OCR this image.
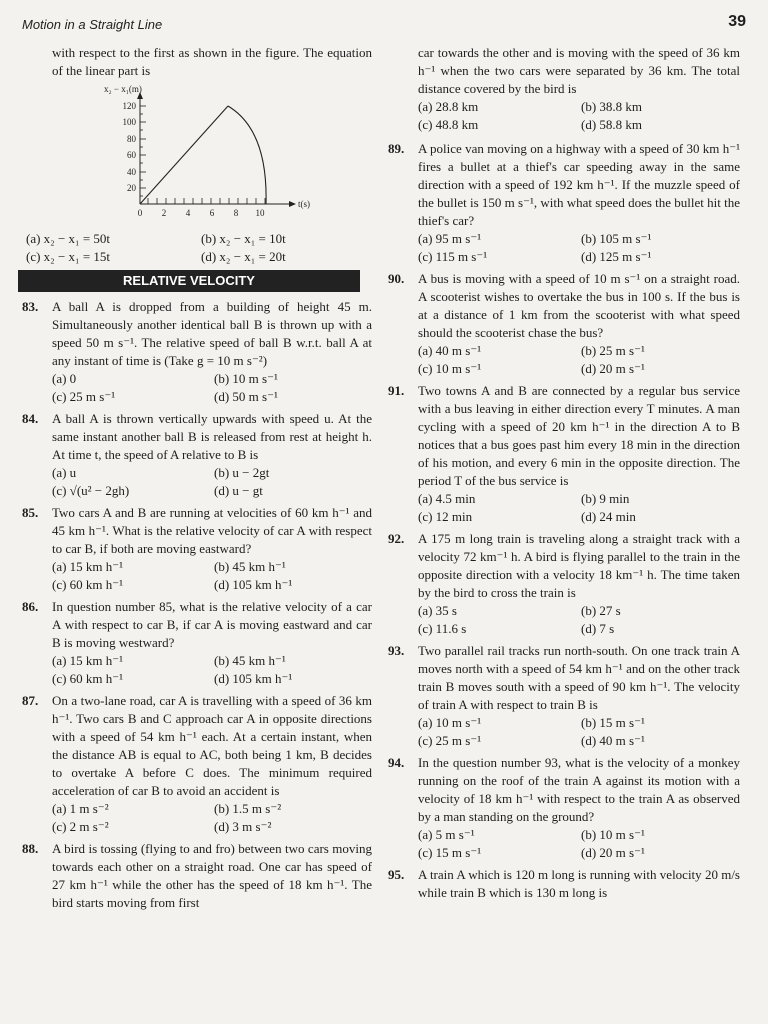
Motion in a Straight Line	39
with respect to the first as shown in the figure. The equation of the linear part is
x₂ − x₁(m)
t(s)
120
100
80
60
40
20
0 2 4 6 8 10
(a) x₂ − x₁ = 50t	(b) x₂ − x₁ = 10t
(c) x₂ − x₁ = 15t	(d) x₂ − x₁ = 20t
RELATIVE VELOCITY
83.	A ball A is dropped from a building of height 45 m. Simultaneously another identical ball B is thrown up with a speed 50 m s⁻¹. The relative speed of ball B w.r.t. ball A at any instant of time is (Take g = 10 m s⁻²)
(a) 0	(b) 10 m s⁻¹
(c) 25 m s⁻¹	(d) 50 m s⁻¹
84.	A ball A is thrown vertically upwards with speed u. At the same instant another ball B is released from rest at height h. At time t, the speed of A relative to B is
(a) u	(b) u − 2gt
(c) √(u² − 2gh)	(d) u − gt
85.	Two cars A and B are running at velocities of 60 km h⁻¹ and 45 km h⁻¹. What is the relative velocity of car A with respect to car B, if both are moving eastward?
(a) 15 km h⁻¹	(b) 45 km h⁻¹
(c) 60 km h⁻¹	(d) 105 km h⁻¹
86.	In question number 85, what is the relative velocity of a car A with respect to car B, if car A is moving eastward and car B is moving westward?
(a) 15 km h⁻¹	(b) 45 km h⁻¹
(c) 60 km h⁻¹	(d) 105 km h⁻¹
87.	On a two-lane road, car A is travelling with a speed of 36 km h⁻¹. Two cars B and C approach car A in opposite directions with a speed of 54 km h⁻¹ each. At a certain instant, when the distance AB is equal to AC, both being 1 km, B decides to overtake A before C does. The minimum required acceleration of car B to avoid an accident is
(a) 1 m s⁻²	(b) 1.5 m s⁻²
(c) 2 m s⁻²	(d) 3 m s⁻²
88.	A bird is tossing (flying to and fro) between two cars moving towards each other on a straight road. One car has speed of 27 km h⁻¹ while the other has the speed of 18 km h⁻¹. The bird starts moving from first
car towards the other and is moving with the speed of 36 km h⁻¹ when the two cars were separated by 36 km. The total distance covered by the bird is
(a) 28.8 km	(b) 38.8 km
(c) 48.8 km	(d) 58.8 km
89.	A police van moving on a highway with a speed of 30 km h⁻¹ fires a bullet at a thief's car speeding away in the same direction with a speed of 192 km h⁻¹. If the muzzle speed of the bullet is 150 m s⁻¹, with what speed does the bullet hit the thief's car?
(a) 95 m s⁻¹	(b) 105 m s⁻¹
(c) 115 m s⁻¹	(d) 125 m s⁻¹
90.	A bus is moving with a speed of 10 m s⁻¹ on a straight road. A scooterist wishes to overtake the bus in 100 s. If the bus is at a distance of 1 km from the scooterist with what speed should the scooterist chase the bus?
(a) 40 m s⁻¹	(b) 25 m s⁻¹
(c) 10 m s⁻¹	(d) 20 m s⁻¹
91.	Two towns A and B are connected by a regular bus service with a bus leaving in either direction every T minutes. A man cycling with a speed of 20 km h⁻¹ in the direction A to B notices that a bus goes past him every 18 min in the direction of his motion, and every 6 min in the opposite direction. The period T of the bus service is
(a) 4.5 min	(b) 9 min
(c) 12 min	(d) 24 min
92.	A 175 m long train is traveling along a straight track with a velocity 72 km⁻¹ h. A bird is flying parallel to the train in the opposite direction with a velocity 18 km⁻¹ h. The time taken by the bird to cross the train is
(a) 35 s	(b) 27 s
(c) 11.6 s	(d) 7 s
93.	Two parallel rail tracks run north-south. On one track train A moves north with a speed of 54 km h⁻¹ and on the other track train B moves south with a speed of 90 km h⁻¹. The velocity of train A with respect to train B is
(a) 10 m s⁻¹	(b) 15 m s⁻¹
(c) 25 m s⁻¹	(d) 40 m s⁻¹
94.	In the question number 93, what is the velocity of a monkey running on the roof of the train A against its motion with a velocity of 18 km h⁻¹ with respect to the train A as observed by a man standing on the ground?
(a) 5 m s⁻¹	(b) 10 m s⁻¹
(c) 15 m s⁻¹	(d) 20 m s⁻¹
95.	A train A which is 120 m long is running with velocity 20 m/s while train B which is 130 m long is
